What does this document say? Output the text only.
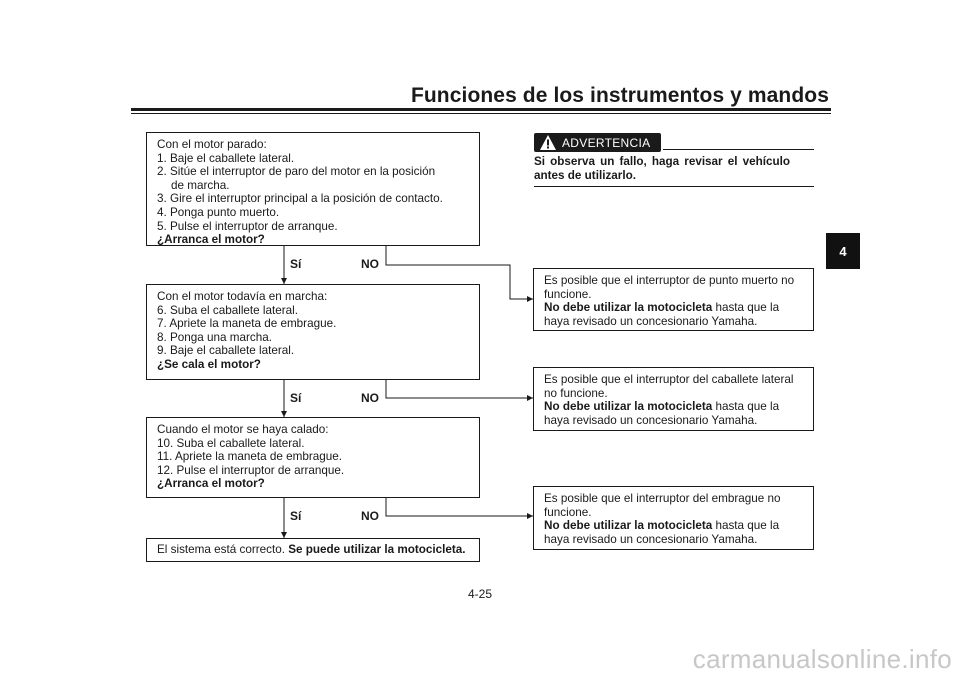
Funciones de los instrumentos y mandos
4
Con el motor parado:
1. Baje el caballete lateral.
2. Sitúe el interruptor de paro del motor en la posición
de marcha.
3. Gire el interruptor principal a la posición de contacto.
4. Ponga punto muerto.
5. Pulse el interruptor de arranque.
¿Arranca el motor?
Sí	NO
Con el motor todavía en marcha:
6. Suba el caballete lateral.
7. Apriete la maneta de embrague.
8. Ponga una marcha.
9. Baje el caballete lateral.
¿Se cala el motor?
Sí	NO
Cuando el motor se haya calado:
10. Suba el caballete lateral.
11. Apriete la maneta de embrague.
12. Pulse el interruptor de arranque.
¿Arranca el motor?
Sí	NO
El sistema está correcto. Se puede utilizar la motocicleta.
ADVERTENCIA
Si observa un fallo, haga revisar el vehículo antes de utilizarlo.
Es posible que el interruptor de punto muerto no
funcione.
No debe utilizar la motocicleta hasta que la
haya revisado un concesionario Yamaha.
Es posible que el interruptor del caballete lateral
no funcione.
No debe utilizar la motocicleta hasta que la
haya revisado un concesionario Yamaha.
Es posible que el interruptor del embrague no
funcione.
No debe utilizar la motocicleta hasta que la
haya revisado un concesionario Yamaha.
4-25
carmanualsonline.info
